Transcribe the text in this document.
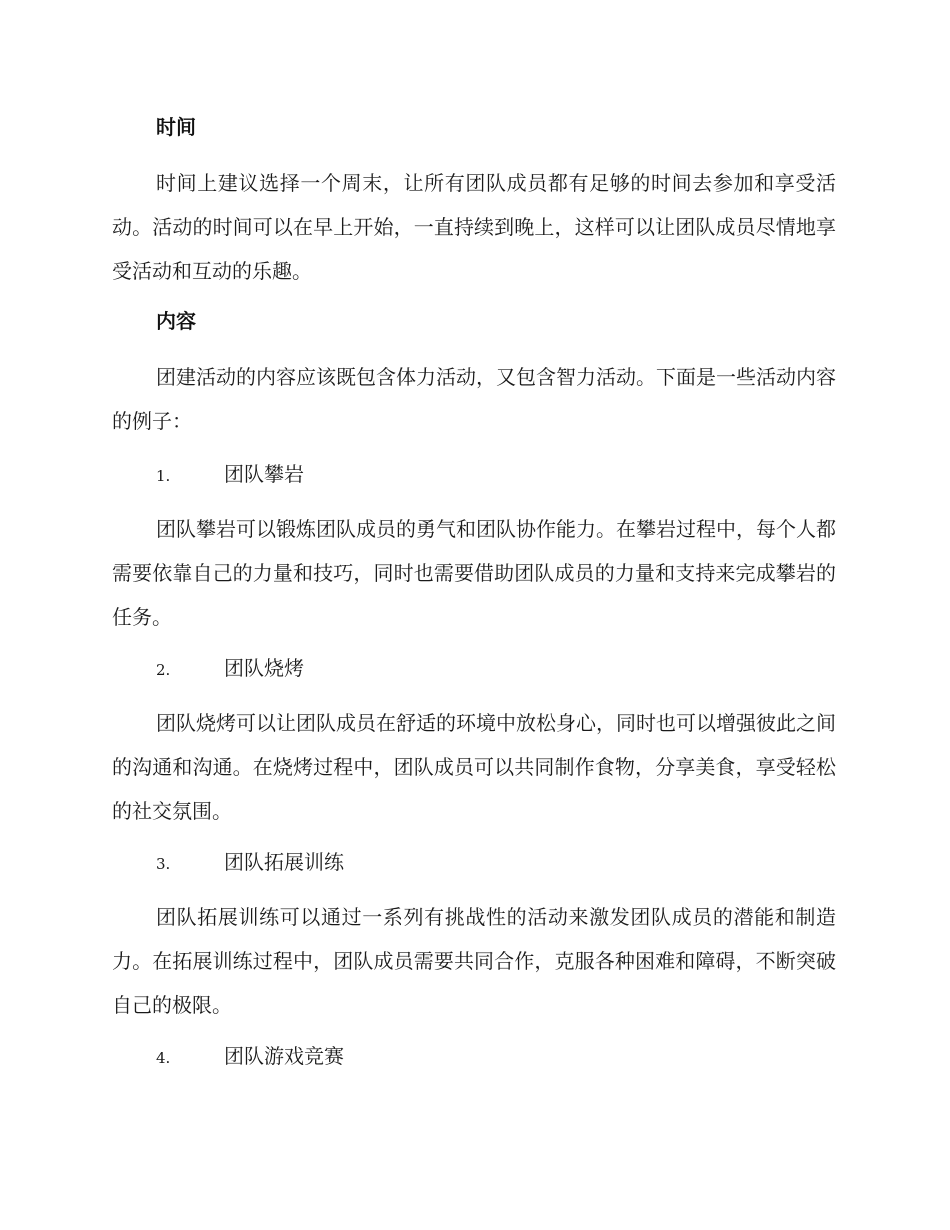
时间
时间上建议选择一个周末，让所有团队成员都有足够的时间去参加和享受活动。活动的时间可以在早上开始，一直持续到晚上，这样可以让团队成员尽情地享受活动和互动的乐趣。
内容
团建活动的内容应该既包含体力活动，又包含智力活动。下面是一些活动内容的例子：
1.	团队攀岩
团队攀岩可以锻炼团队成员的勇气和团队协作能力。在攀岩过程中，每个人都需要依靠自己的力量和技巧，同时也需要借助团队成员的力量和支持来完成攀岩的任务。
2.	团队烧烤
团队烧烤可以让团队成员在舒适的环境中放松身心，同时也可以增强彼此之间的沟通和沟通。在烧烤过程中，团队成员可以共同制作食物，分享美食，享受轻松的社交氛围。
3.	团队拓展训练
团队拓展训练可以通过一系列有挑战性的活动来激发团队成员的潜能和制造力。在拓展训练过程中，团队成员需要共同合作，克服各种困难和障碍，不断突破自己的极限。
4.	团队游戏竞赛
